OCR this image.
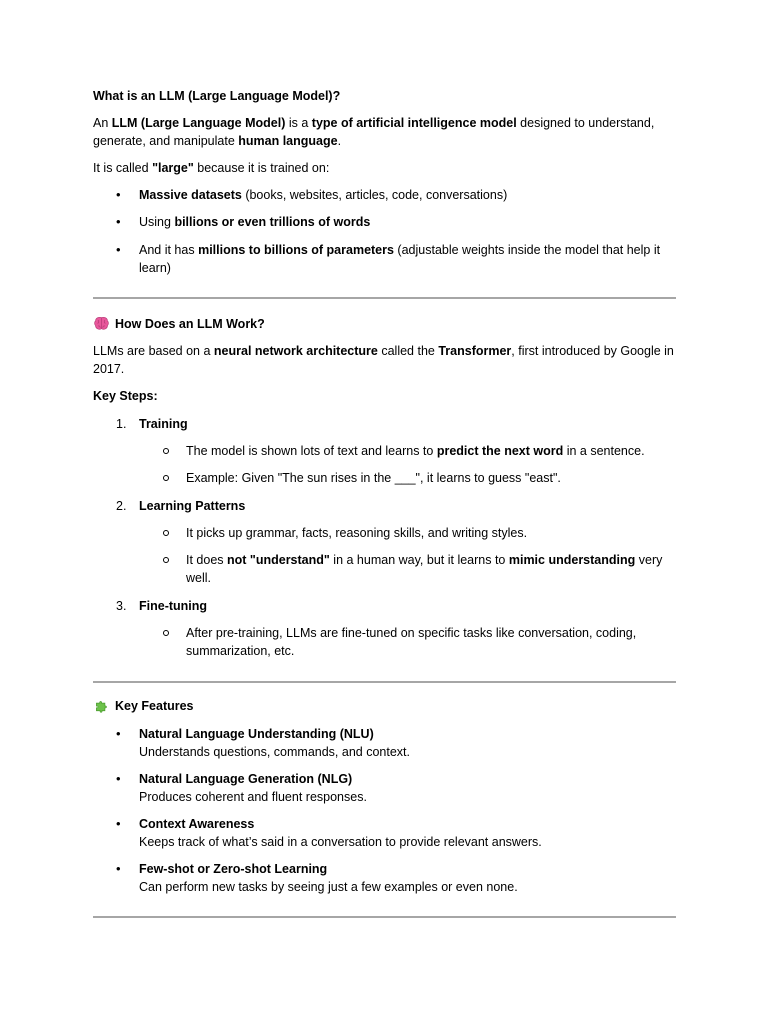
What is an LLM (Large Language Model)?
An LLM (Large Language Model) is a type of artificial intelligence model designed to understand, generate, and manipulate human language.
It is called "large" because it is trained on:
• Massive datasets (books, websites, articles, code, conversations)
• Using billions or even trillions of words
• And it has millions to billions of parameters (adjustable weights inside the model that help it learn)
How Does an LLM Work?
LLMs are based on a neural network architecture called the Transformer, first introduced by Google in 2017.
Key Steps:
1. Training
The model is shown lots of text and learns to predict the next word in a sentence.
Example: Given "The sun rises in the ___", it learns to guess "east".
2. Learning Patterns
It picks up grammar, facts, reasoning skills, and writing styles.
It does not "understand" in a human way, but it learns to mimic understanding very well.
3. Fine-tuning
After pre-training, LLMs are fine-tuned on specific tasks like conversation, coding, summarization, etc.
Key Features
• Natural Language Understanding (NLU)
Understands questions, commands, and context.
• Natural Language Generation (NLG)
Produces coherent and fluent responses.
• Context Awareness
Keeps track of what’s said in a conversation to provide relevant answers.
• Few-shot or Zero-shot Learning
Can perform new tasks by seeing just a few examples or even none.
